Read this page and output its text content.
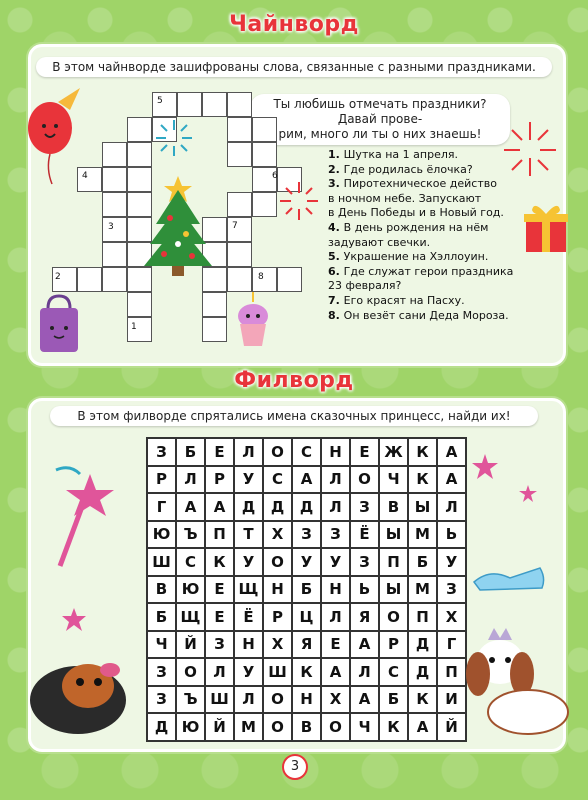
Чайнворд
В этом чайнворде зашифрованы слова, связанные с разными праздниками.
Ты любишь отмечать праздники? Давай прове-
рим, много ли ты о них знаешь!
5
4	6
3	7
2	8
1
1. Шутка на 1 апреля.
2. Где родилась ёлочка?
3. Пиротехническое действо
в ночном небе. Запускают
в День Победы и в Новый год.
4. В день рождения на нём
задувают свечки.
5. Украшение на Хэллоуин.
6. Где служат герои праздника
23 февраля?
7. Его красят на Пасху.
8. Он везёт сани Деда Мороза.
Филворд
В этом филворде спрятались имена сказочных принцесс, найди их!
З	Б	Е	Л	О	С	Н	Е Ж К	А
Р	Л	Р	У	С	А	Л	О	Ч	К	А
Г	А	А	Д	Д	Д	Л	З	В	Ы	Л
Ю Ъ	П	Т	Х	З	З	Ё	Ы М	Ь
Ш С	К	У	О	У	У	З	П	Б	У
В Ю	Е Щ Н	Б	Н	Ь	Ы М	З
Б Щ Е	Ё	Р	Ц	Л	Я	О	П	Х
Ч	Й	З	Н	Х	Я	Е	А	Р	Д	Г
З	О	Л	У Ш К	А	Л	С	Д	П
З	Ъ Ш Л	О	Н	Х	А	Б	К	И
Д Ю Й	М	О	В	О	Ч	К	А	Й
3
